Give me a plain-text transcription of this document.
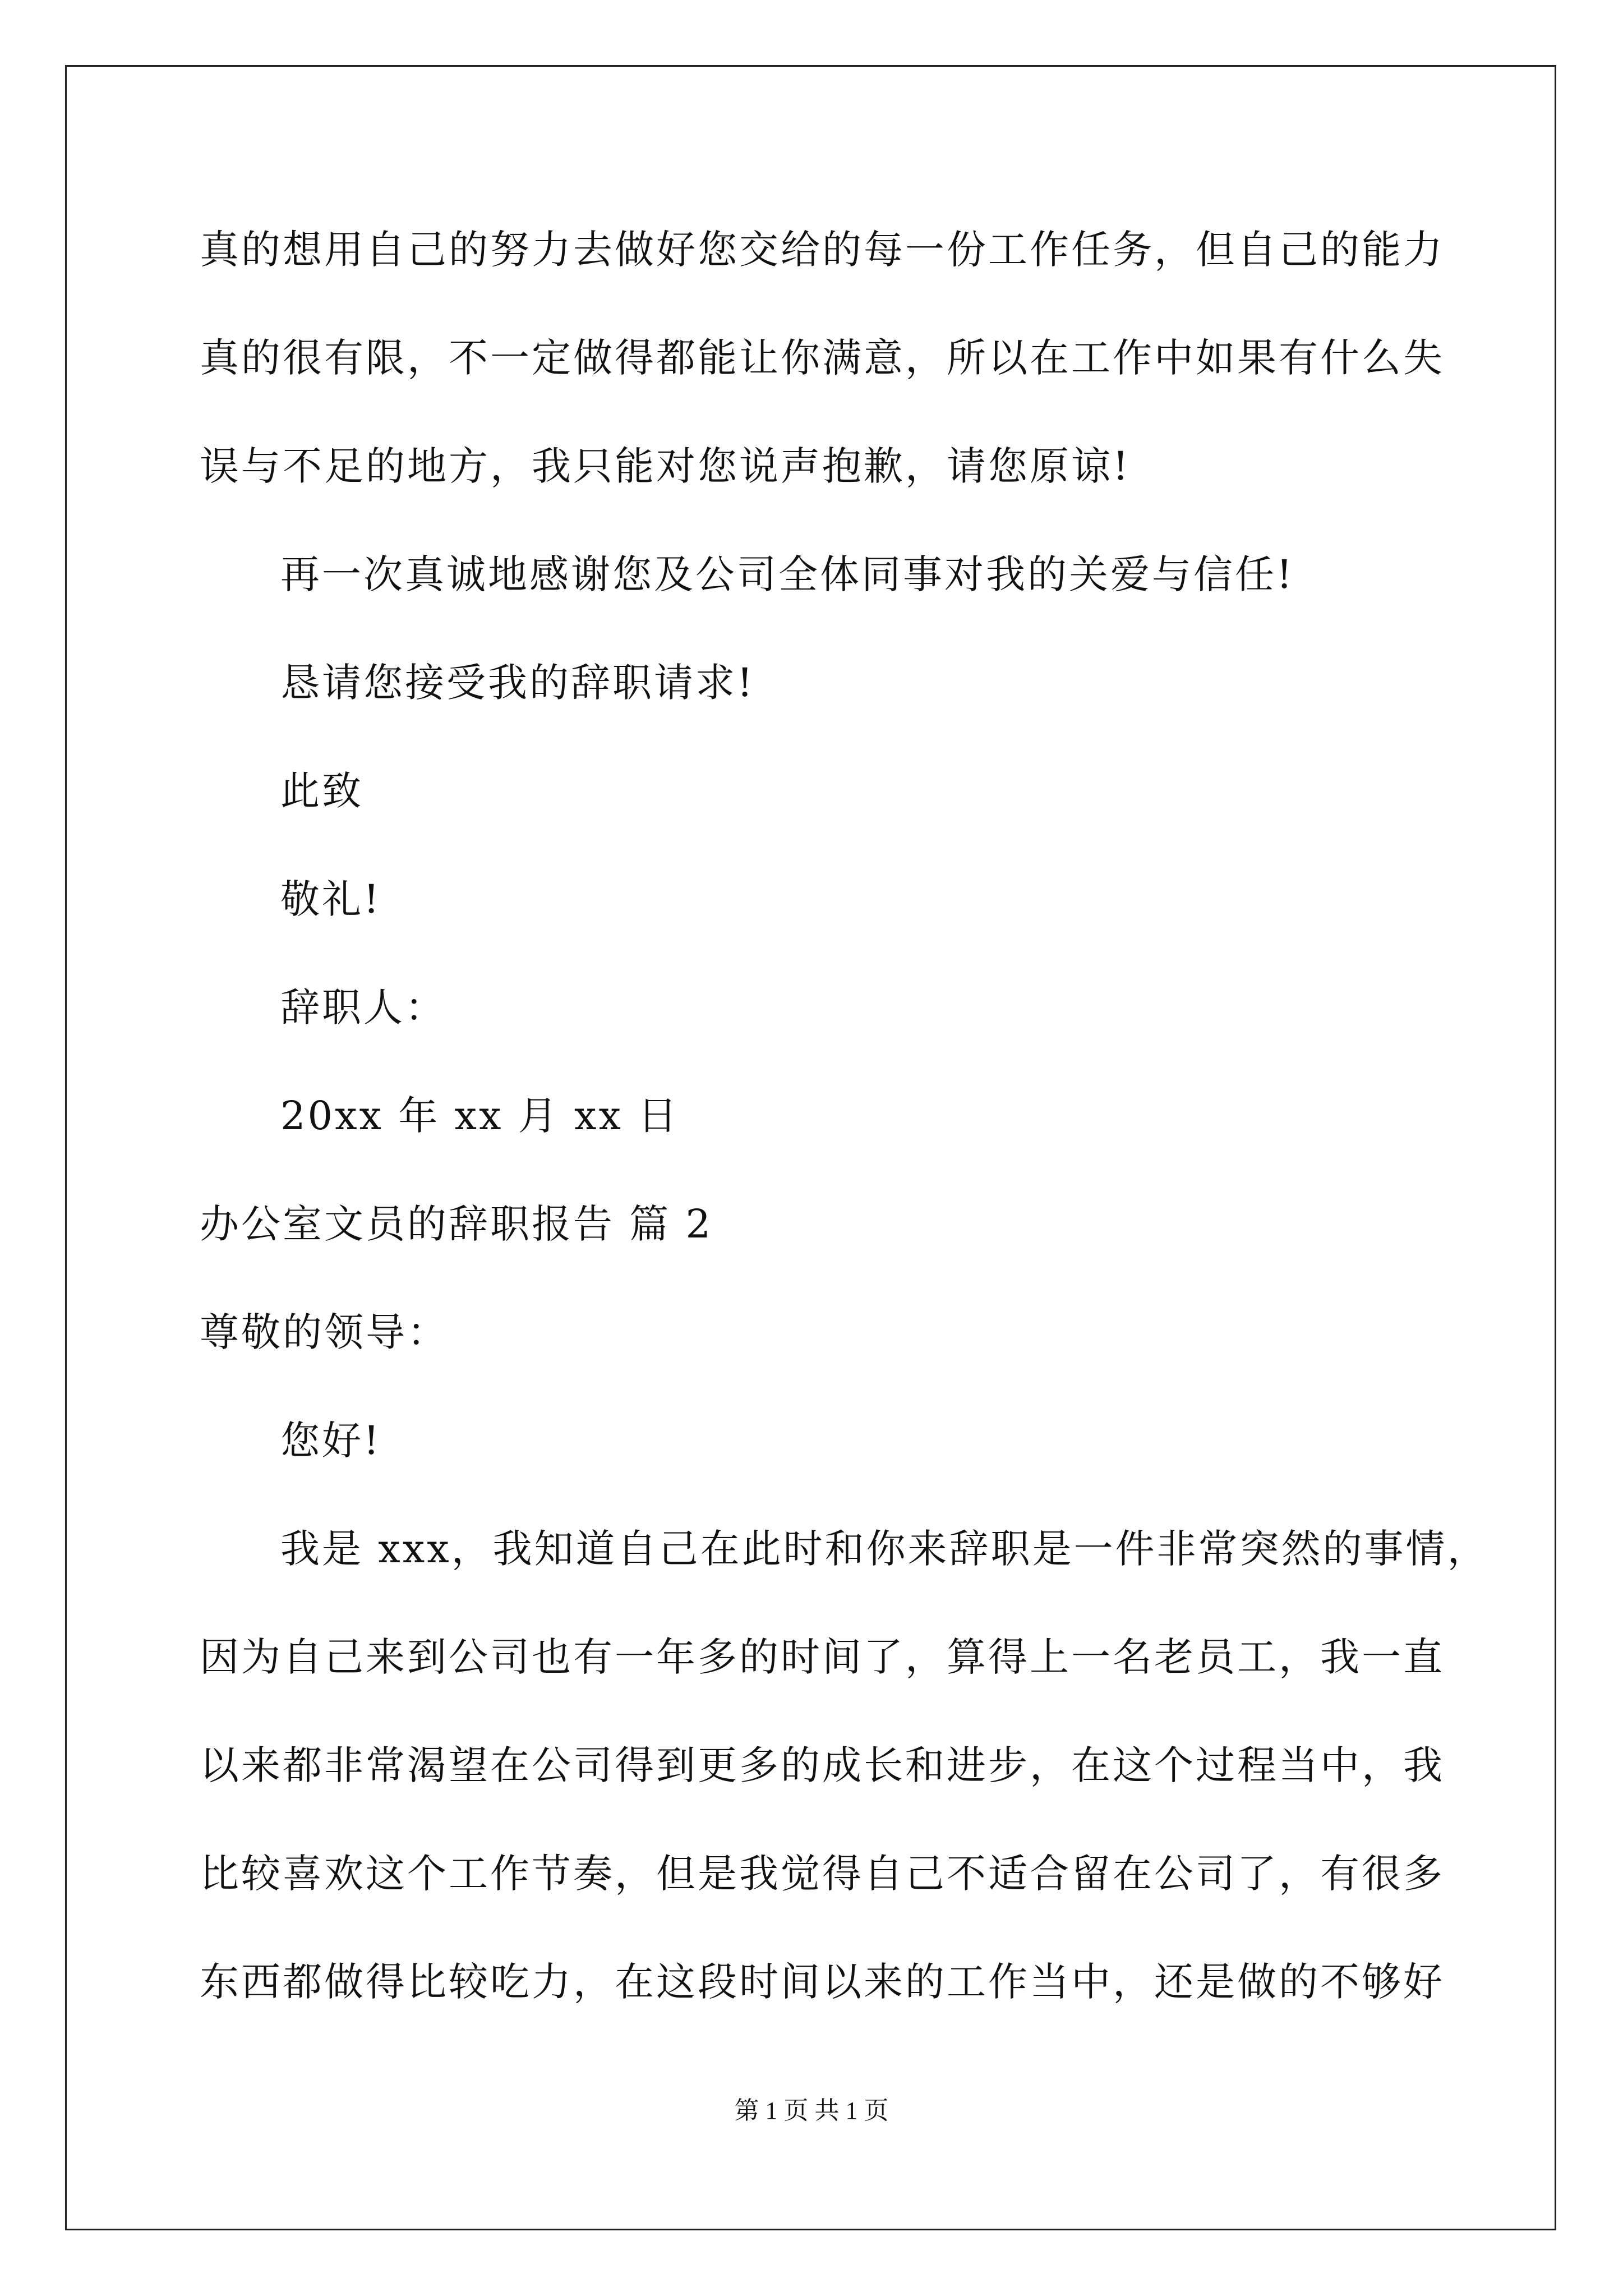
真的想用自己的努力去做好您交给的每一份工作任务，但自己的能力
真的很有限，不一定做得都能让你满意，所以在工作中如果有什么失
误与不足的地方，我只能对您说声抱歉，请您原谅!
再一次真诚地感谢您及公司全体同事对我的关爱与信任!
恳请您接受我的辞职请求!
此致
敬礼!
辞职人：
20xx 年 xx 月 xx 日
办公室文员的辞职报告 篇 2
尊敬的领导：
您好!
我是 xxx，我知道自己在此时和你来辞职是一件非常突然的事情，
因为自己来到公司也有一年多的时间了，算得上一名老员工，我一直
以来都非常渴望在公司得到更多的成长和进步，在这个过程当中，我
比较喜欢这个工作节奏，但是我觉得自己不适合留在公司了，有很多
东西都做得比较吃力，在这段时间以来的工作当中，还是做的不够好
第 1 页 共 1 页
